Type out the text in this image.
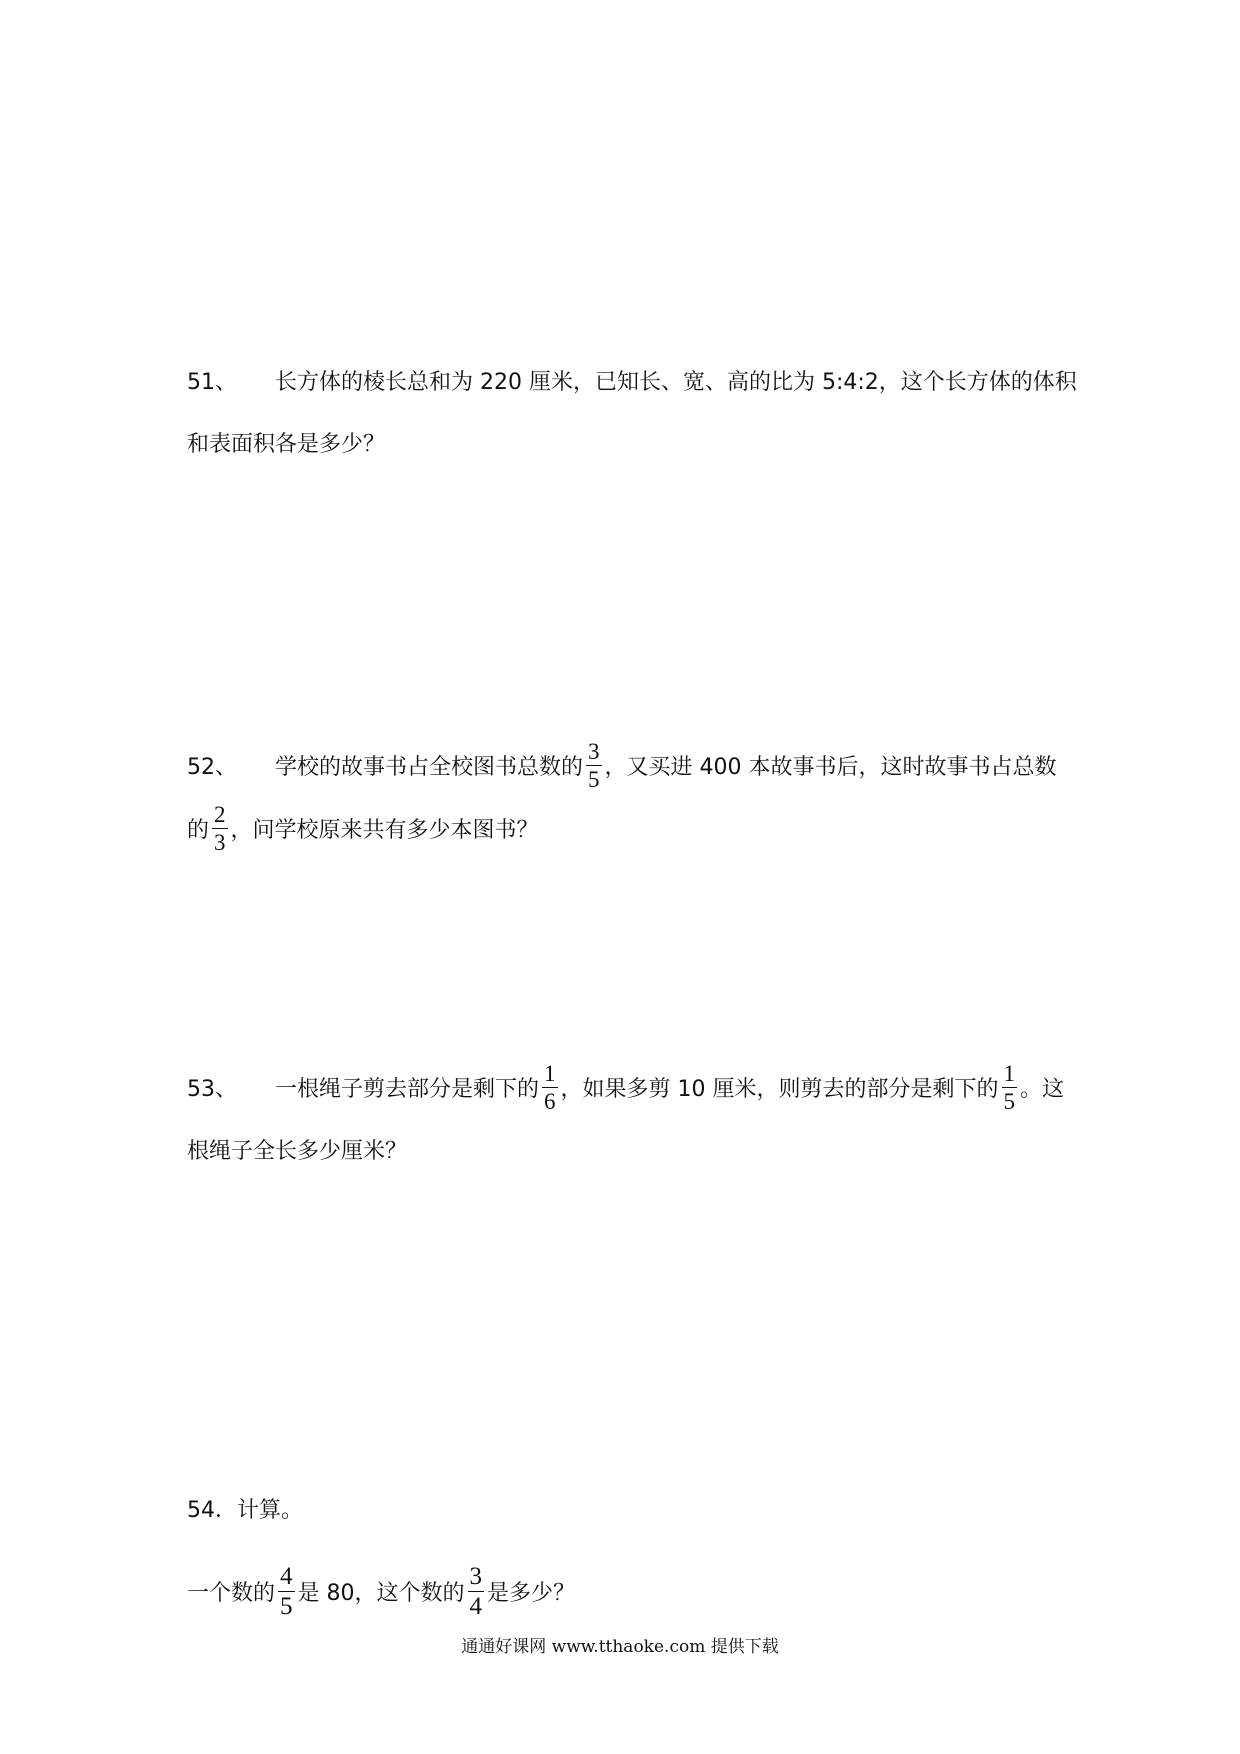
51、	长方体的棱长总和为 220 厘米，已知长、宽、高的比为 5:4:2，这个长方体的体积
和表面积各是多少？
52、	学校的故事书占全校图书总数的 $\frac{3}{5}$ ，又买进 400 本故事书后，这时故事书占总数
的 $\frac{2}{3}$ ，问学校原来共有多少本图书？
53、	一根绳子剪去部分是剩下的 $\frac{1}{6}$ ，如果多剪 10 厘米，则剪去的部分是剩下的 $\frac{1}{5}$ 。这
根绳子全长多少厘米？
54．计算。
一个数的 $\frac{4}{5}$ 是 80，这个数的 $\frac{3}{4}$ 是多少？
通通好课网 www.tthaoke.com 提供下载
